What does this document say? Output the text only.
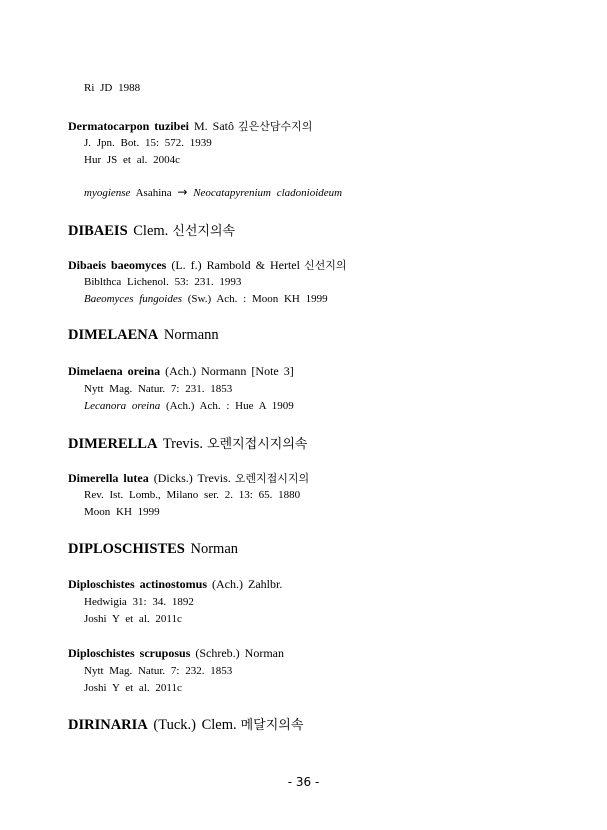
Ri JD 1988
Dermatocarpon tuzibei M. Satô 깊은산담수지의
J. Jpn. Bot. 15: 572. 1939
Hur JS et al. 2004c
myogiense Asahina → Neocatapyrenium cladonioideum
DIBAEIS Clem. 신선지의속
Dibaeis baeomyces (L. f.) Rambold & Hertel 신선지의
Biblthca Lichenol. 53: 231. 1993
Baeomyces fungoides (Sw.) Ach. : Moon KH 1999
DIMELAENA Normann
Dimelaena oreina (Ach.) Normann [Note 3]
Nytt Mag. Natur. 7: 231. 1853
Lecanora oreina (Ach.) Ach. : Hue A 1909
DIMERELLA Trevis. 오렌지접시지의속
Dimerella lutea (Dicks.) Trevis. 오렌지접시지의
Rev. Ist. Lomb., Milano ser. 2. 13: 65. 1880
Moon KH 1999
DIPLOSCHISTES Norman
Diploschistes actinostomus (Ach.) Zahlbr.
Hedwigia 31: 34. 1892
Joshi Y et al. 2011c
Diploschistes scruposus (Schreb.) Norman
Nytt Mag. Natur. 7: 232. 1853
Joshi Y et al. 2011c
DIRINARIA (Tuck.) Clem. 메달지의속
- 36 -
